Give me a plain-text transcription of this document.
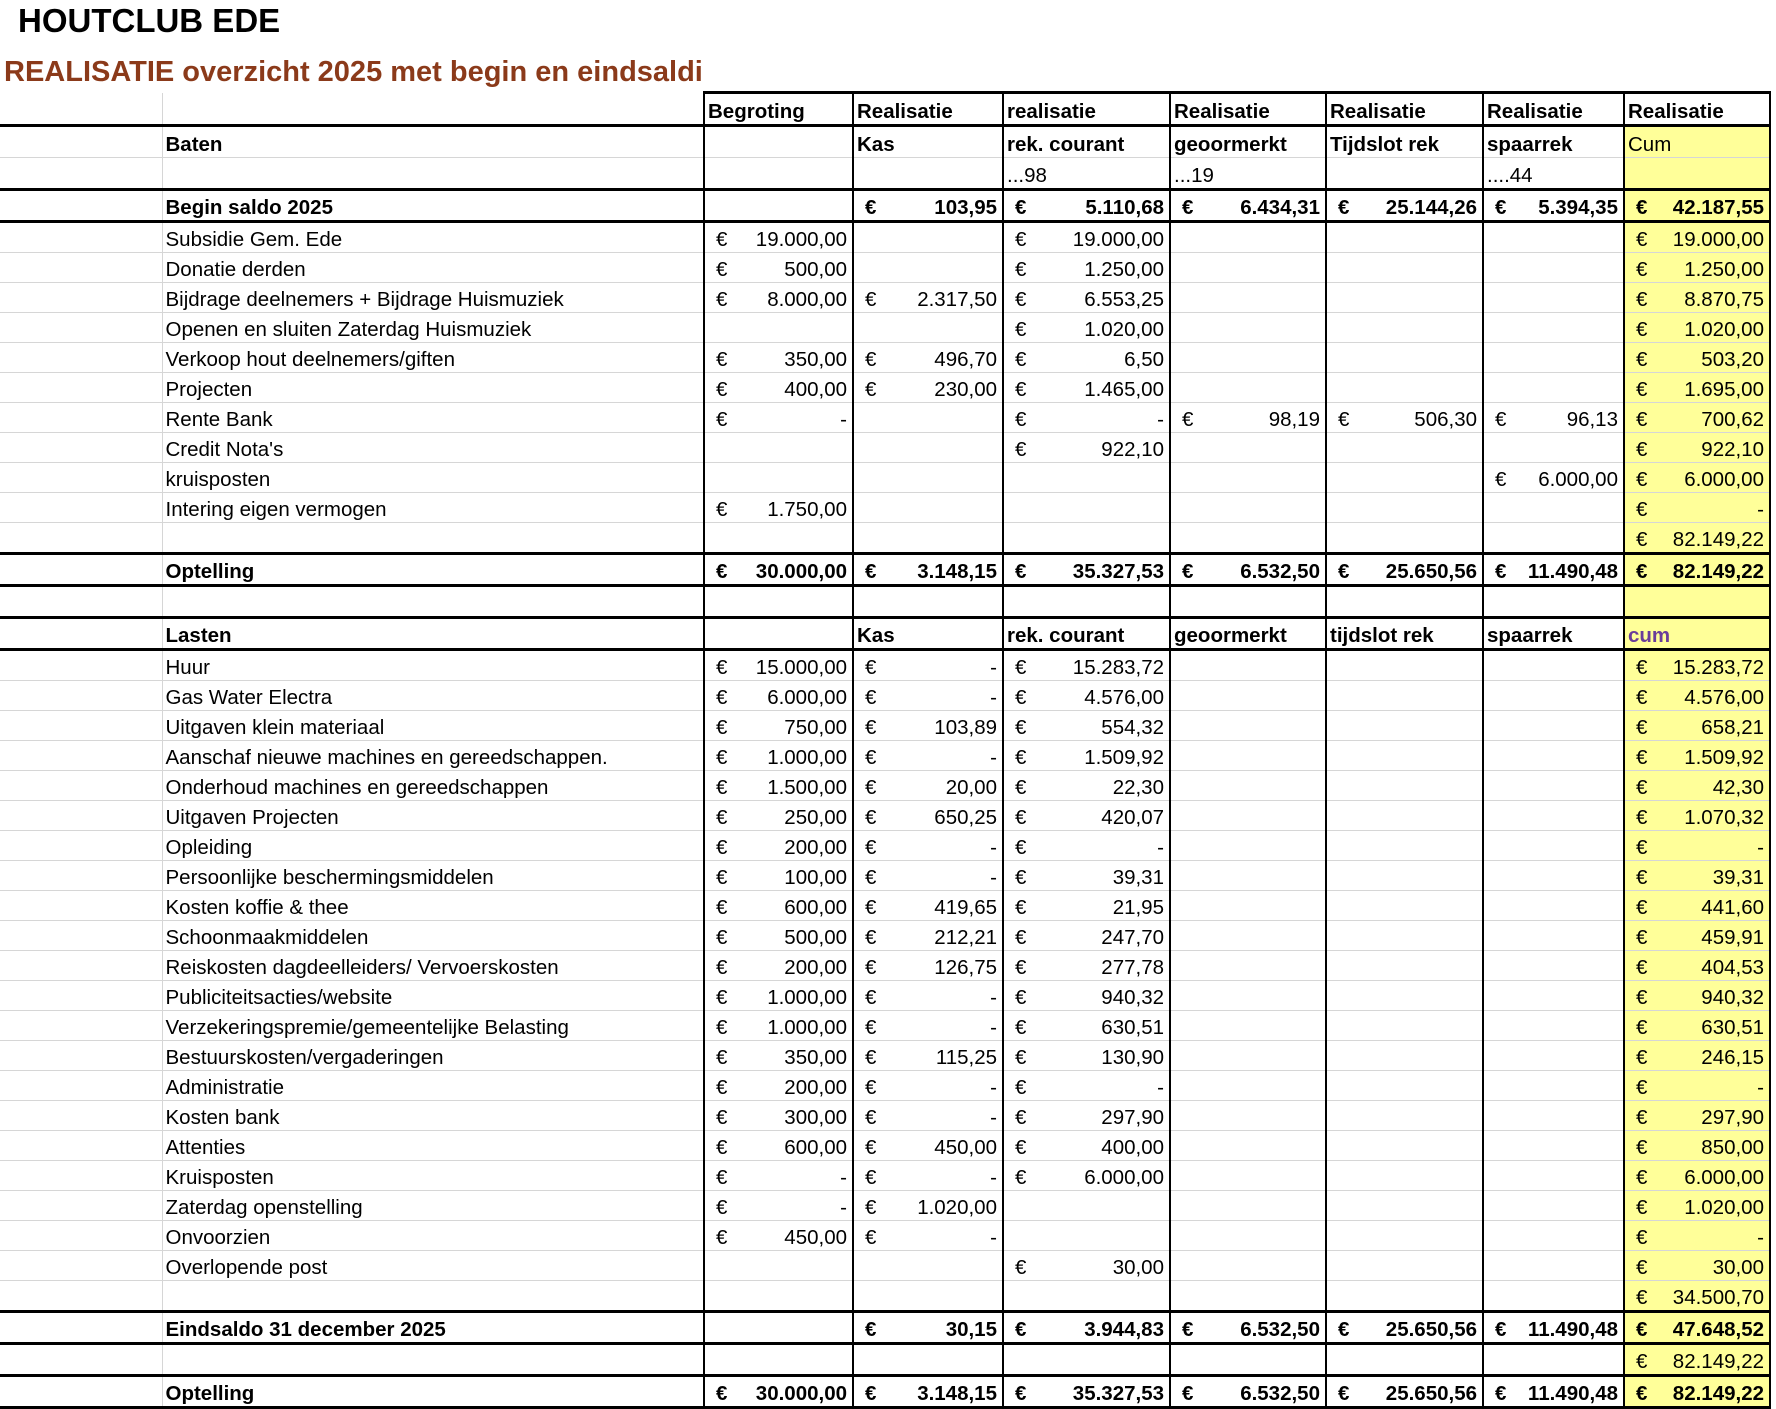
HOUTCLUB EDE
REALISATIE overzicht 2025 met begin en eindsaldi
		Begroting	Realisatie	realisatie	Realisatie	Realisatie	Realisatie	Realisatie
	Baten		Kas	rek. courant	geoormerkt	Tijdslot rek	spaarrek	Cum
				...98	...19		....44	
	Begin saldo 2025		€ 103,95	€ 5.110,68	€ 6.434,31	€ 25.144,26	€ 5.394,35	€ 42.187,55

	Subsidie Gem. Ede	€ 19.000,00		€ 19.000,00				€ 19.000,00

	Donatie derden	€ 500,00		€ 1.250,00				€ 1.250,00

	Bijdrage deelnemers + Bijdrage Huismuziek	€ 8.000,00	€ 2.317,50	€ 6.553,25				€ 8.870,75

	Openen en sluiten Zaterdag Huismuziek			€ 1.020,00				€ 1.020,00

	Verkoop hout deelnemers/giften	€ 350,00	€ 496,70	€ 6,50				€ 503,20

	Projecten	€ 400,00	€ 230,00	€ 1.465,00				€ 1.695,00

	Rente Bank	€ -		€ -	€ 98,19	€ 506,30	€ 96,13	€ 700,62

	Credit Nota's			€ 922,10				€ 922,10

	kruisposten						€ 6.000,00	€ 6.000,00

	Intering eigen vermogen	€ 1.750,00						€ -

								€ 82.149,22

	Optelling	€ 30.000,00	€ 3.148,15	€ 35.327,53	€ 6.532,50	€ 25.650,56	€ 11.490,48	€ 82.149,22

	Lasten		Kas	rek. courant	geoormerkt	tijdslot rek	spaarrek	cum
	Huur	€ 15.000,00	€ -	€ 15.283,72				€ 15.283,72

	Gas Water Electra	€ 6.000,00	€ -	€ 4.576,00				€ 4.576,00

	Uitgaven klein materiaal	€ 750,00	€ 103,89	€ 554,32				€ 658,21

	Aanschaf nieuwe machines en gereedschappen.	€ 1.000,00	€ -	€ 1.509,92				€ 1.509,92

	Onderhoud machines en gereedschappen	€ 1.500,00	€ 20,00	€ 22,30				€ 42,30

	Uitgaven Projecten	€ 250,00	€ 650,25	€ 420,07				€ 1.070,32

	Opleiding	€ 200,00	€ -	€ -				€ -

	Persoonlijke beschermingsmiddelen	€ 100,00	€ -	€ 39,31				€ 39,31

	Kosten koffie & thee	€ 600,00	€ 419,65	€ 21,95				€ 441,60

	Schoonmaakmiddelen	€ 500,00	€ 212,21	€ 247,70				€ 459,91

	Reiskosten dagdeelleiders/ Vervoerskosten	€ 200,00	€ 126,75	€ 277,78				€ 404,53

	Publiciteitsacties/website	€ 1.000,00	€ -	€ 940,32				€ 940,32

	Verzekeringspremie/gemeentelijke Belasting	€ 1.000,00	€ -	€ 630,51				€ 630,51

	Bestuurskosten/vergaderingen	€ 350,00	€ 115,25	€ 130,90				€ 246,15

	Administratie	€ 200,00	€ -	€ -				€ -

	Kosten bank	€ 300,00	€ -	€ 297,90				€ 297,90

	Attenties	€ 600,00	€ 450,00	€ 400,00				€ 850,00

	Kruisposten	€ -	€ -	€ 6.000,00				€ 6.000,00

	Zaterdag openstelling	€ -	€ 1.020,00					€ 1.020,00

	Onvoorzien	€ 450,00	€ -					€ -

	Overlopende post			€ 30,00				€ 30,00

								€ 34.500,70

	Eindsaldo 31 december 2025		€ 30,15	€ 3.944,83	€ 6.532,50	€ 25.650,56	€ 11.490,48	€ 47.648,52

								€ 82.149,22

	Optelling	€ 30.000,00	€ 3.148,15	€ 35.327,53	€ 6.532,50	€ 25.650,56	€ 11.490,48	€ 82.149,22
